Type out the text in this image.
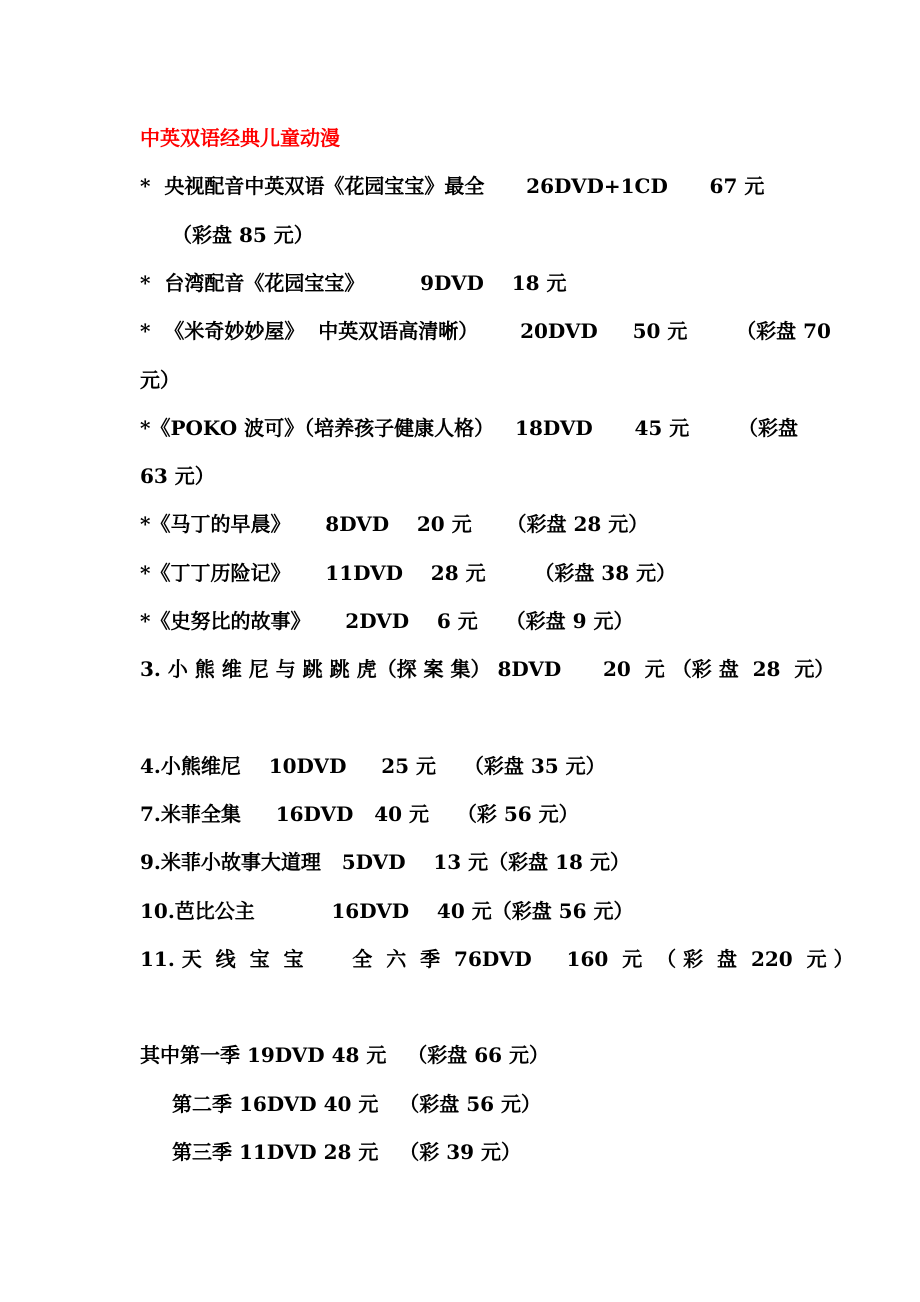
中英双语经典儿童动漫
*  央视配音中英双语《花园宝宝》最全      26DVD+1CD      67 元
（彩盘 85 元）
*  台湾配音《花园宝宝》        9DVD    18 元
*  《米奇妙妙屋》  中英双语高清晰）      20DVD     50 元       （彩盘 70
元）
*《POKO 波可》（培养孩子健康人格）   18DVD      45 元       （彩盘
63 元）
*《马丁的早晨》     8DVD    20 元     （彩盘 28 元）
*《丁丁历险记》     11DVD    28 元       （彩盘 38 元）
*《史努比的故事》     2DVD    6 元    （彩盘 9 元）
3. 小 熊 维 尼 与 跳 跳 虎（探 案 集） 8DVD      20  元 （彩 盘  28  元）
4.小熊维尼    10DVD     25 元    （彩盘 35 元）
7.米菲全集     16DVD   40 元    （彩 56 元）
9.米菲小故事大道理   5DVD    13 元（彩盘 18 元）
10.芭比公主           16DVD    40 元（彩盘 56 元）
11. 天  线  宝  宝       全  六  季  76DVD     160  元  （ 彩  盘  220  元 ）
其中第一季 19DVD 48 元   （彩盘 66 元）
第二季 16DVD 40 元   （彩盘 56 元）
第三季 11DVD 28 元   （彩 39 元）
